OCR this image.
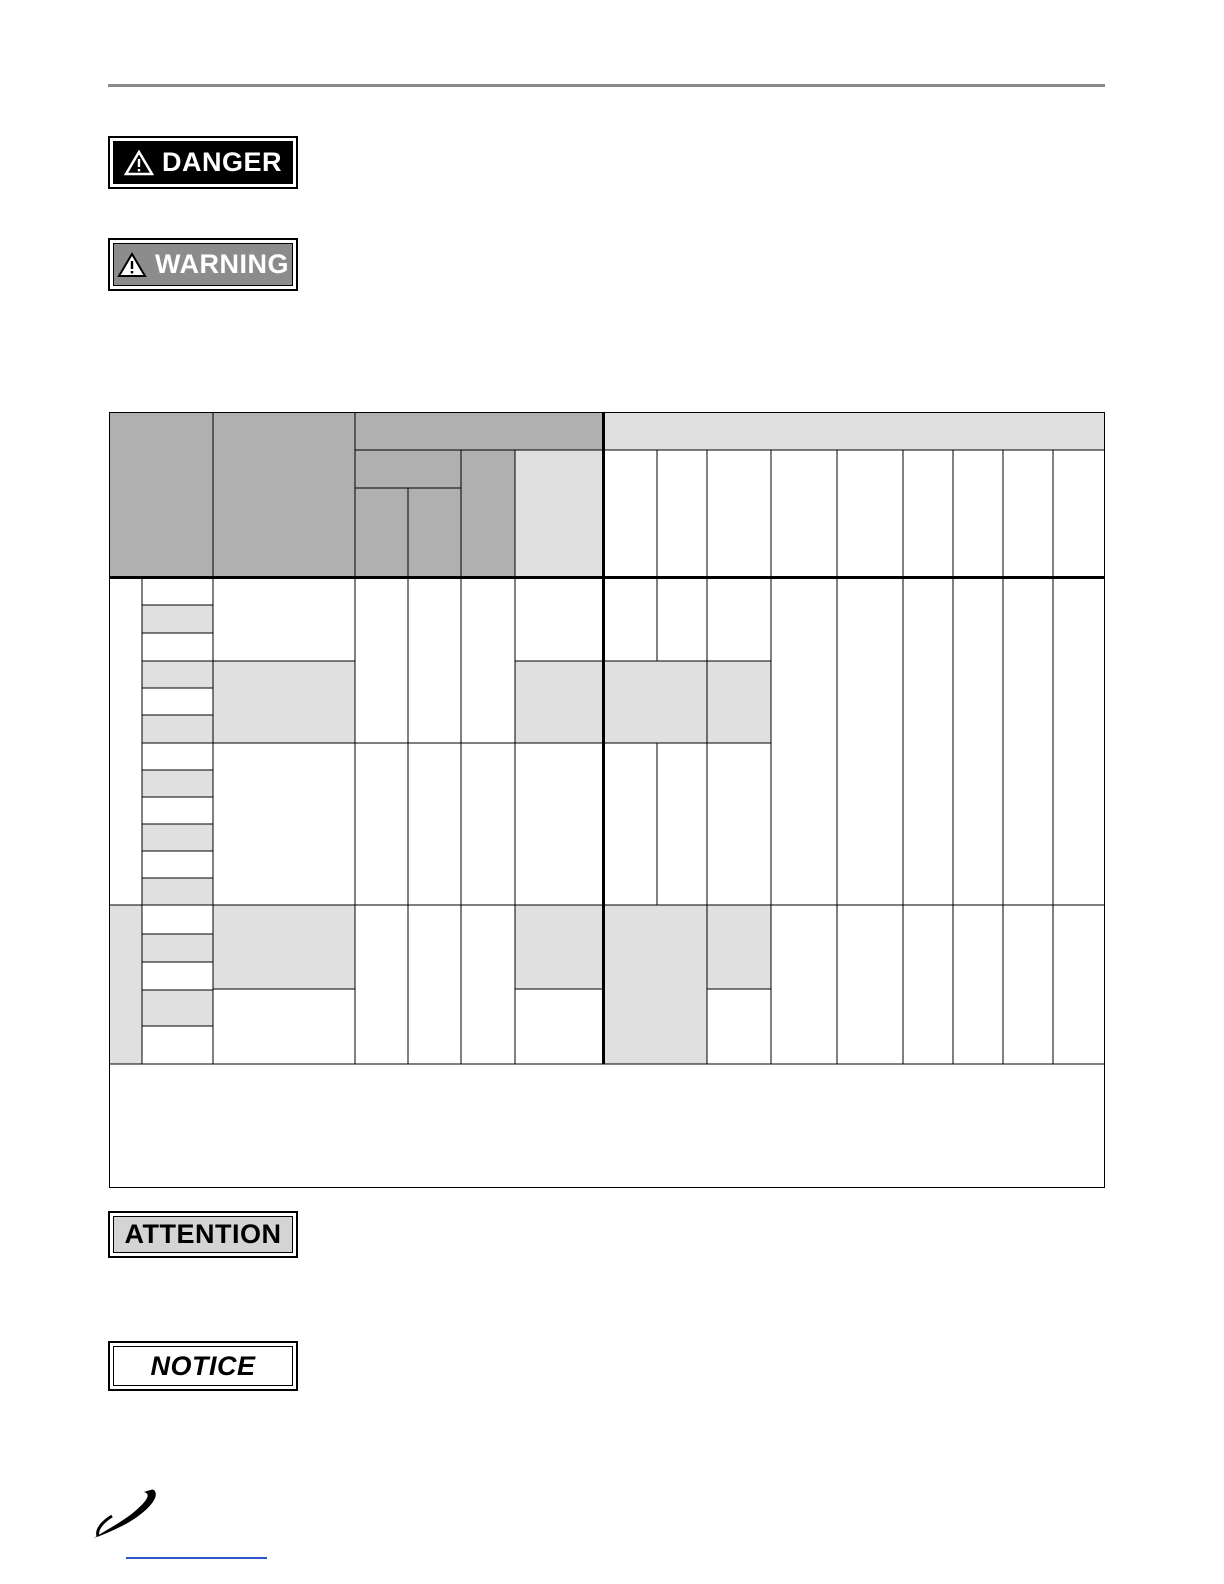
DANGER
WARNING
ATTENTION
NOTICE
